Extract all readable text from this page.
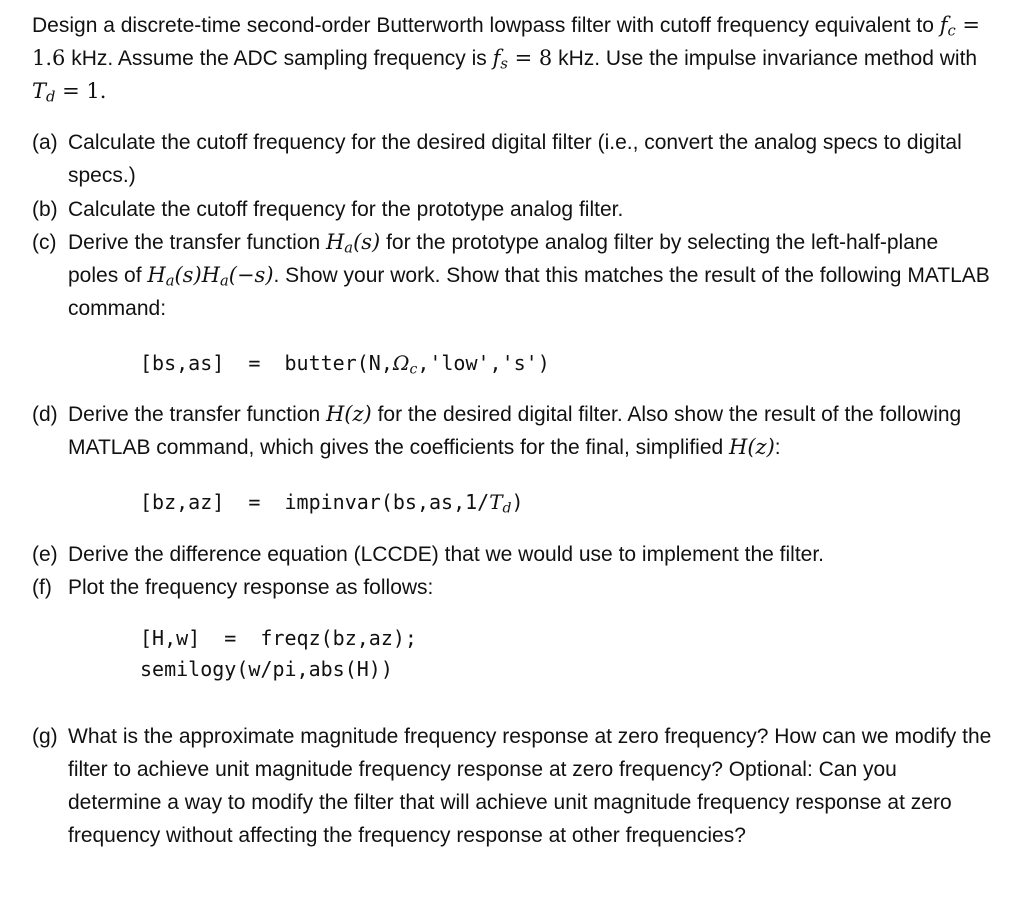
Design a discrete-time second-order Butterworth lowpass filter with cutoff frequency equivalent to $f_c = 1.6$ kHz. Assume the ADC sampling frequency is $f_s = 8$ kHz. Use the impulse invariance method with $T_d = 1$.
(a) Calculate the cutoff frequency for the desired digital filter (i.e., convert the analog specs to digital specs.)
(b) Calculate the cutoff frequency for the prototype analog filter.
(c) Derive the transfer function $H_a(s)$ for the prototype analog filter by selecting the left-half-plane poles of $H_a(s)H_a(-s)$. Show your work. Show that this matches the result of the following MATLAB command:
$[bs,as] = butter(N,\Omega_c,'low','s')$
(d) Derive the transfer function H(z) for the desired digital filter. Also show the result of the following MATLAB command, which gives the coefficients for the final, simplified H(z):
$[bz,az] = impinvar(bs,as,1/T_d)$
(e) Derive the difference equation (LCCDE) that we would use to implement the filter.
(f) Plot the frequency response as follows:
[H,w]  =  freqz(bz,az);
semilogy(w/pi,abs(H))
(g) What is the approximate magnitude frequency response at zero frequency? How can we modify the filter to achieve unit magnitude frequency response at zero frequency? Optional: Can you determine a way to modify the filter that will achieve unit magnitude frequency response at zero frequency without affecting the frequency response at other frequencies?
